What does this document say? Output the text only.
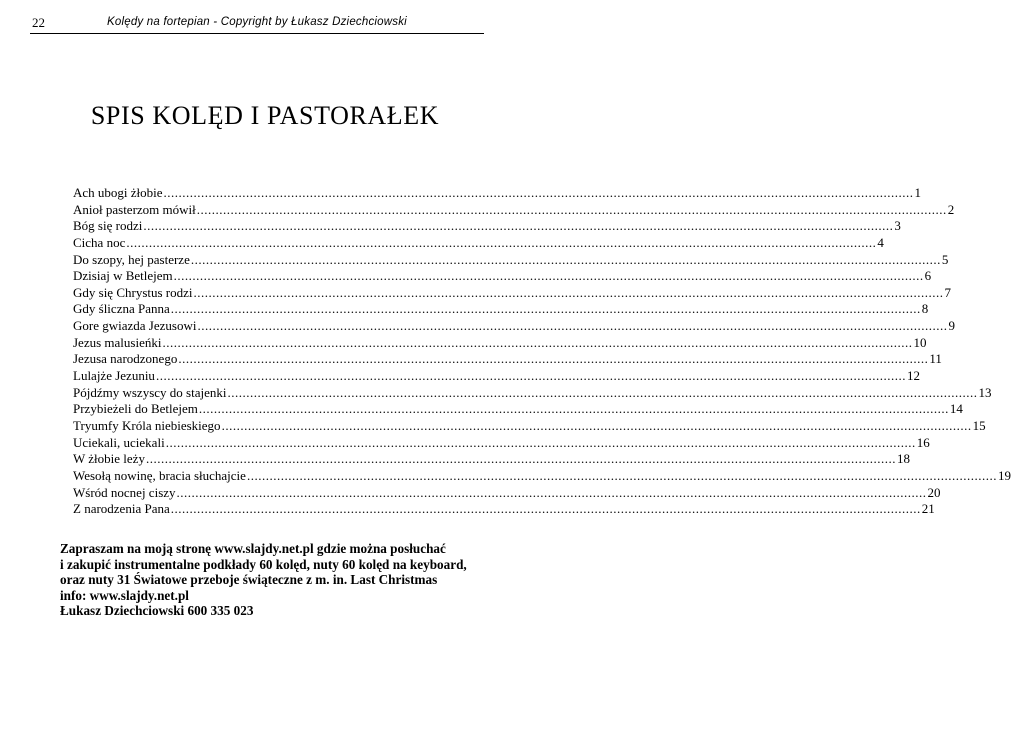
22	Kolędy na fortepian - Copyright by Łukasz Dziechciowski
SPIS KOLĘD I PASTORAŁEK
Ach ubogi żłobie ........................................................................................................................................................................................................ 1
Anioł pasterzom mówił ........................................................................................................................................................................................................ 2
Bóg się rodzi ........................................................................................................................................................................................................ 3
Cicha noc ........................................................................................................................................................................................................ 4
Do szopy, hej pasterze ........................................................................................................................................................................................................ 5
Dzisiaj w Betlejem ........................................................................................................................................................................................................ 6
Gdy się Chrystus rodzi ........................................................................................................................................................................................................ 7
Gdy śliczna Panna ........................................................................................................................................................................................................ 8
Gore gwiazda Jezusowi ........................................................................................................................................................................................................ 9
Jezus malusieńki ........................................................................................................................................................................................................ 10
Jezusa narodzonego ........................................................................................................................................................................................................ 11
Lulajże Jezuniu ........................................................................................................................................................................................................ 12
Pójdźmy wszyscy do stajenki ........................................................................................................................................................................................................ 13
Przybieżeli do Betlejem ........................................................................................................................................................................................................ 14
Tryumfy Króla niebieskiego ........................................................................................................................................................................................................ 15
Uciekali, uciekali ........................................................................................................................................................................................................ 16
W żłobie leży ........................................................................................................................................................................................................ 18
Wesołą nowinę, bracia słuchajcie ........................................................................................................................................................................................................ 19
Wśród nocnej ciszy ........................................................................................................................................................................................................ 20
Z narodzenia Pana ........................................................................................................................................................................................................ 21
Zapraszam na moją stronę www.slajdy.net.pl gdzie można posłuchać
i zakupić instrumentalne podkłady 60 kolęd, nuty 60 kolęd na keyboard,
oraz nuty 31 Światowe przeboje świąteczne z m. in. Last Christmas
info: www.slajdy.net.pl
Łukasz Dziechciowski 600 335 023
